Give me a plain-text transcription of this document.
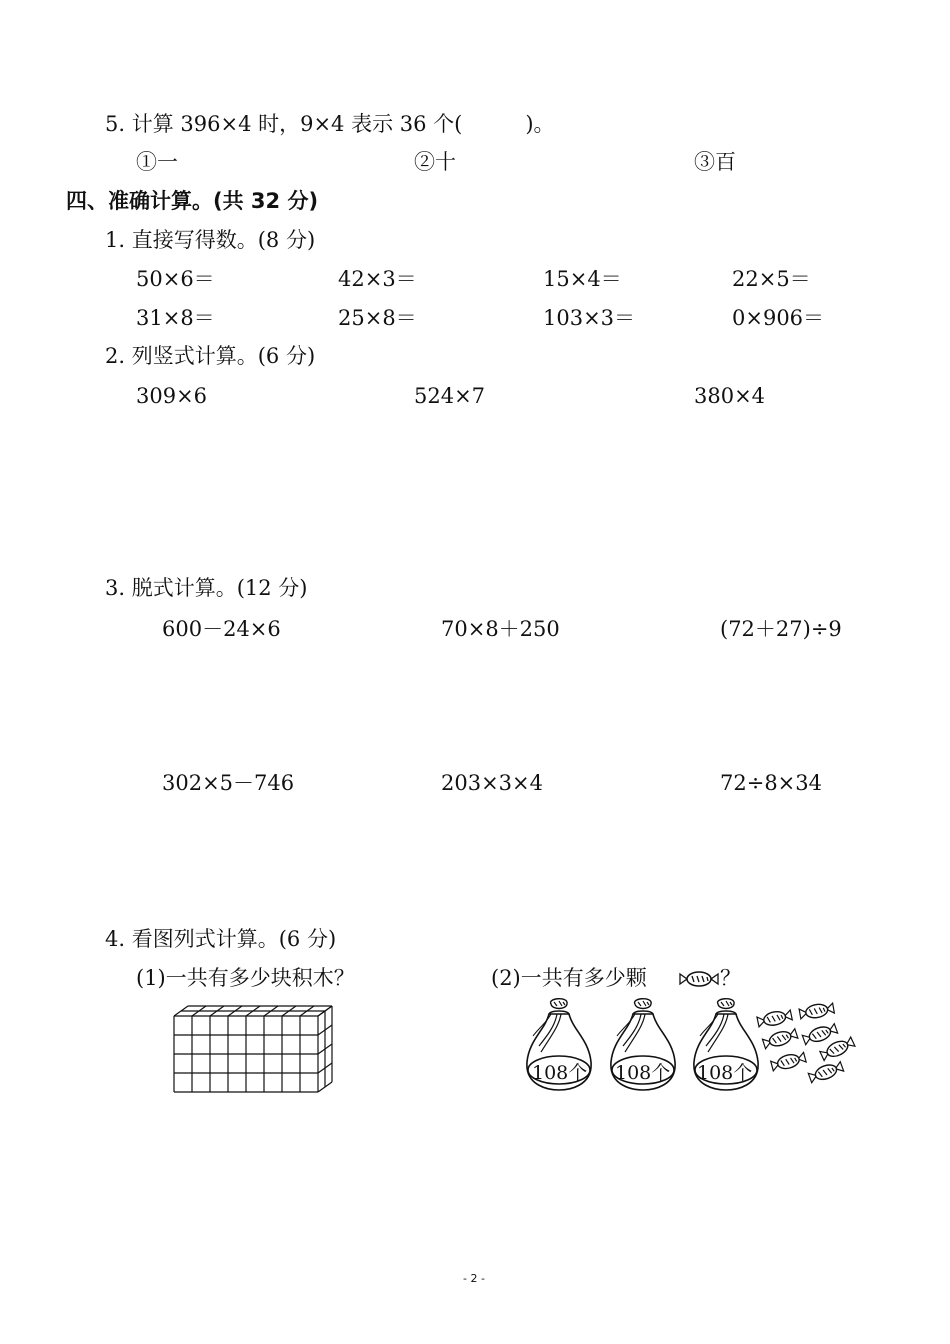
5. 计算 396×4 时，9×4 表示 36 个(　　　)。
①一	②十	③百
四、准确计算。(共 32 分)
1. 直接写得数。(8 分)
50×6＝	42×3＝	15×4＝	22×5＝
31×8＝	25×8＝	103×3＝	0×906＝
2. 列竖式计算。(6 分)
309×6	524×7	380×4
3. 脱式计算。(12 分)
600－24×6	70×8＋250	(72＋27)÷9
302×5－746	203×3×4	72÷8×34
4. 看图列式计算。(6 分)
(1)一共有多少块积木？	(2)一共有多少颗	？
108个 108个 108个
- 2 -
